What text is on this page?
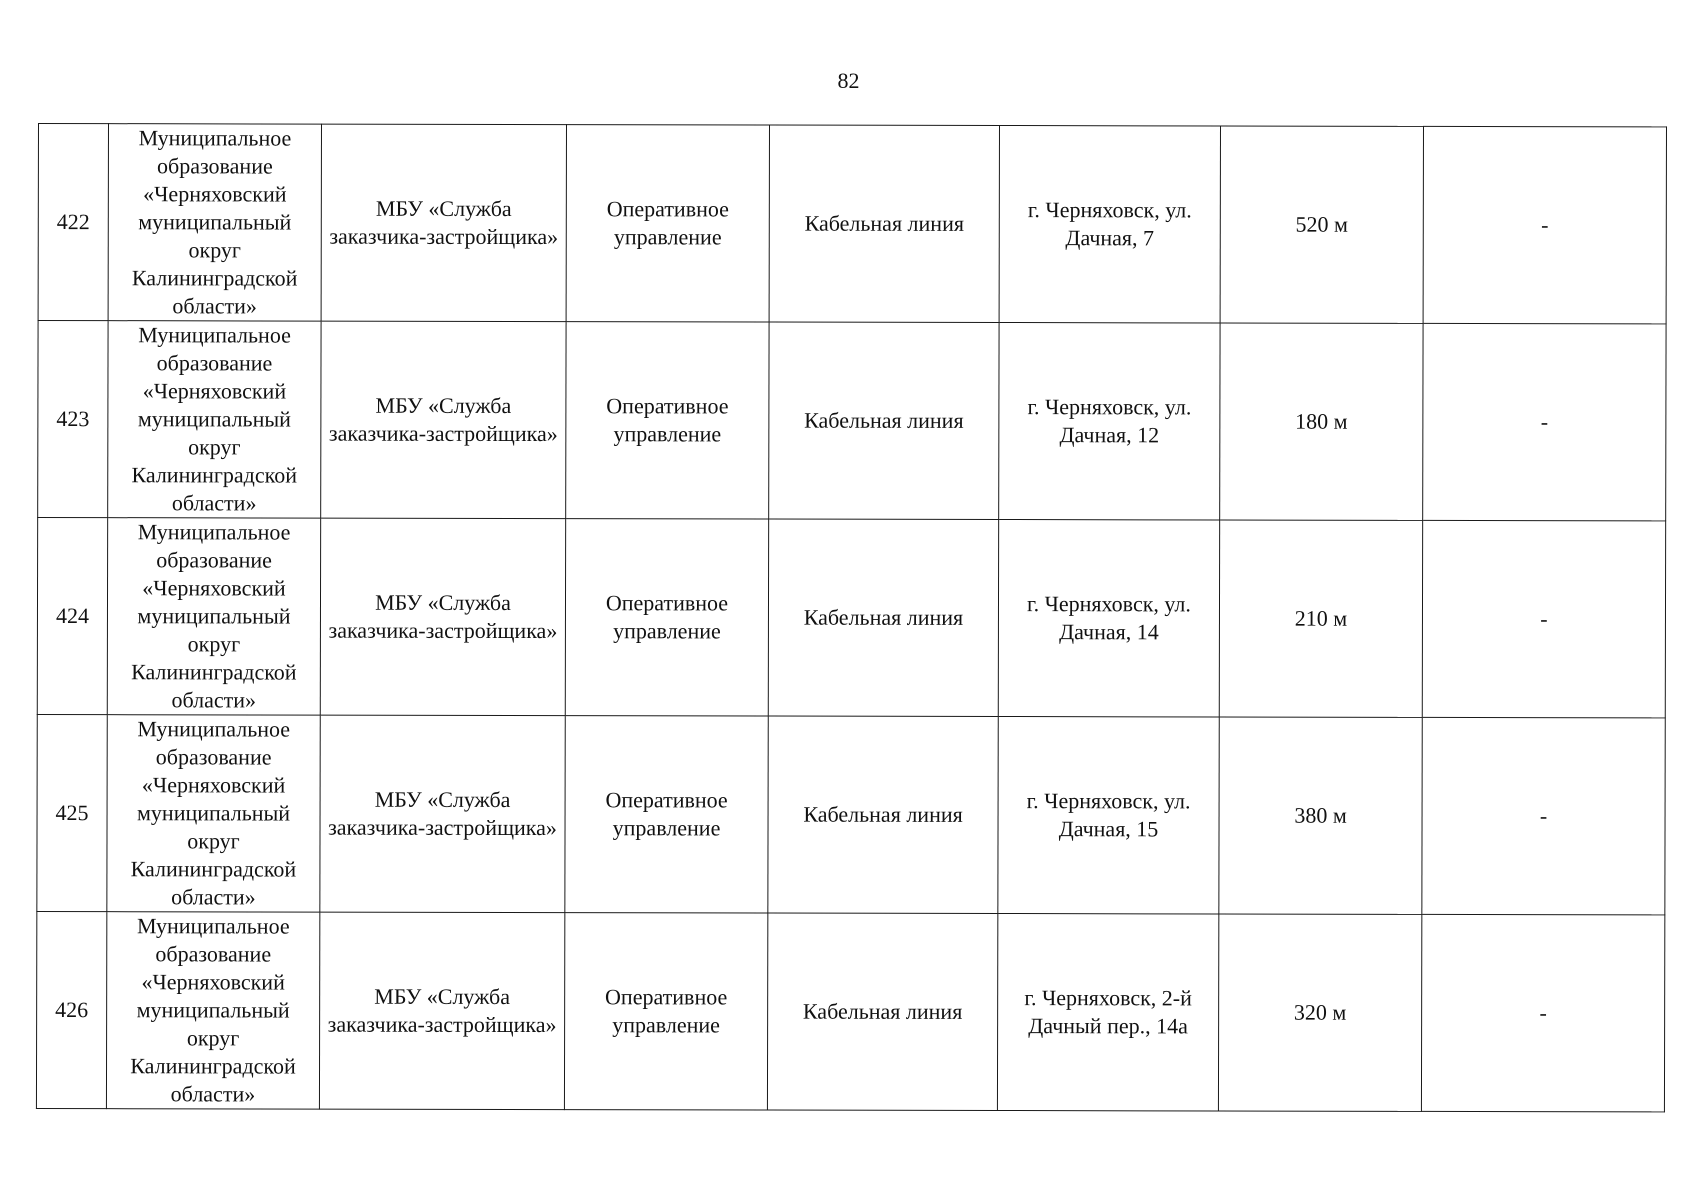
82
422	Муниципальное образование «Черняховский муниципальный округ Калининградской области»	МБУ «Служба заказчика-застройщика»	Оперативное управление	Кабельная линия	г. Черняховск, ул. Дачная, 7	520 м	-
423	Муниципальное образование «Черняховский муниципальный округ Калининградской области»	МБУ «Служба заказчика-застройщика»	Оперативное управление	Кабельная линия	г. Черняховск, ул. Дачная, 12	180 м	-
424	Муниципальное образование «Черняховский муниципальный округ Калининградской области»	МБУ «Служба заказчика-застройщика»	Оперативное управление	Кабельная линия	г. Черняховск, ул. Дачная, 14	210 м	-
425	Муниципальное образование «Черняховский муниципальный округ Калининградской области»	МБУ «Служба заказчика-застройщика»	Оперативное управление	Кабельная линия	г. Черняховск, ул. Дачная, 15	380 м	-
426	Муниципальное образование «Черняховский муниципальный округ Калининградской области»	МБУ «Служба заказчика-застройщика»	Оперативное управление	Кабельная линия	г. Черняховск, 2-й Дачный пер., 14а	320 м	-
